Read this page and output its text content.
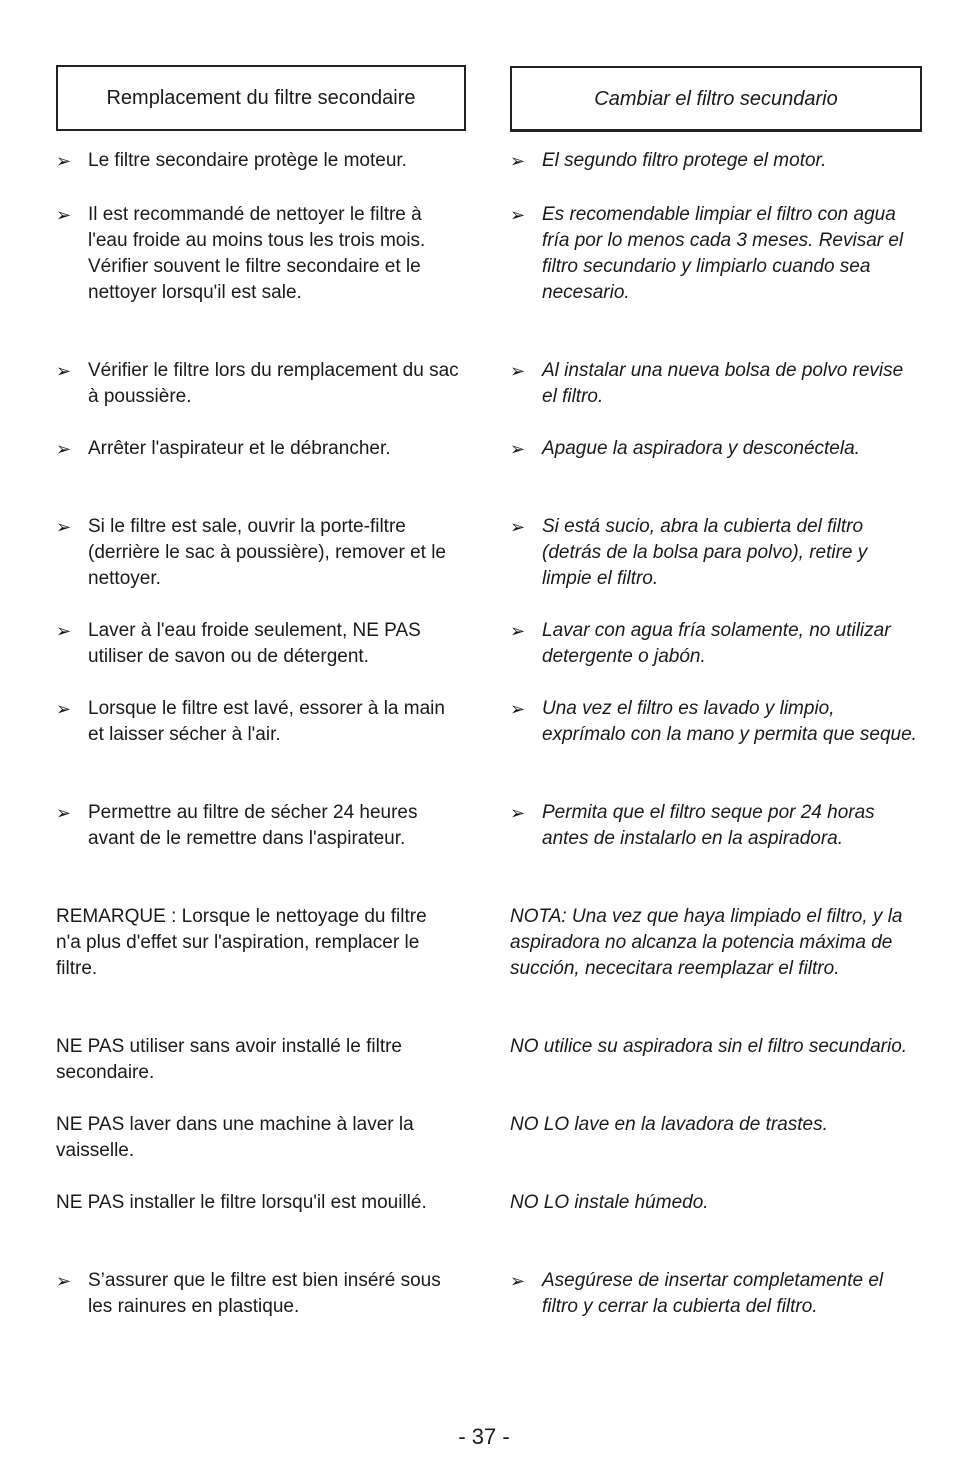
Remplacement du filtre secondaire
➢ Le filtre secondaire protège le moteur.
➢ Il est recommandé de nettoyer le filtre à l'eau froide au moins tous les trois mois. Vérifier souvent le filtre secondaire et le nettoyer lorsqu'il est sale.
➢ Vérifier le filtre lors du remplacement du sac à poussière.
➢ Arrêter l'aspirateur et le débrancher.
➢ Si le filtre est sale, ouvrir la porte-filtre (derrière le sac à poussière), remover et le nettoyer.
➢ Laver à l'eau froide seulement, NE PAS utiliser de savon ou de détergent.
➢ Lorsque le filtre est lavé, essorer à la main et laisser sécher à l'air.
➢ Permettre au filtre de sécher 24 heures avant de le remettre dans l'aspirateur.
REMARQUE : Lorsque le nettoyage du filtre n'a plus d'effet sur l'aspiration, remplacer le filtre.
NE PAS utiliser sans avoir installé le filtre secondaire.
NE PAS laver dans une machine à laver la vaisselle.
NE PAS installer le filtre lorsqu'il est mouillé.
➢ S’assurer que le filtre est bien inséré sous les rainures en plastique.
Cambiar el filtro secundario
➢ El segundo filtro protege el motor.
➢ Es recomendable limpiar el filtro con agua fría por lo menos cada 3 meses. Revisar el filtro secundario y limpiarlo cuando sea necesario.
➢ Al instalar una nueva bolsa de polvo revise el filtro.
➢ Apague la aspiradora y desconéctela.
➢ Si está sucio, abra la cubierta del filtro (detrás de la bolsa para polvo), retire y limpie el filtro.
➢ Lavar con agua fría solamente, no utilizar detergente o jabón.
➢ Una vez el filtro es lavado y limpio, exprímalo con la mano y permita que seque.
➢ Permita que el filtro seque por 24 horas antes de instalarlo en la aspiradora.
NOTA: Una vez que haya limpiado el filtro, y la aspiradora no alcanza la potencia máxima de succión, nececitara reemplazar el filtro.
NO utilice su aspiradora sin el filtro secundario.
NO LO lave en la lavadora de trastes.
NO LO instale húmedo.
➢ Asegúrese de insertar completamente el filtro y cerrar la cubierta del filtro.
- 37 -
